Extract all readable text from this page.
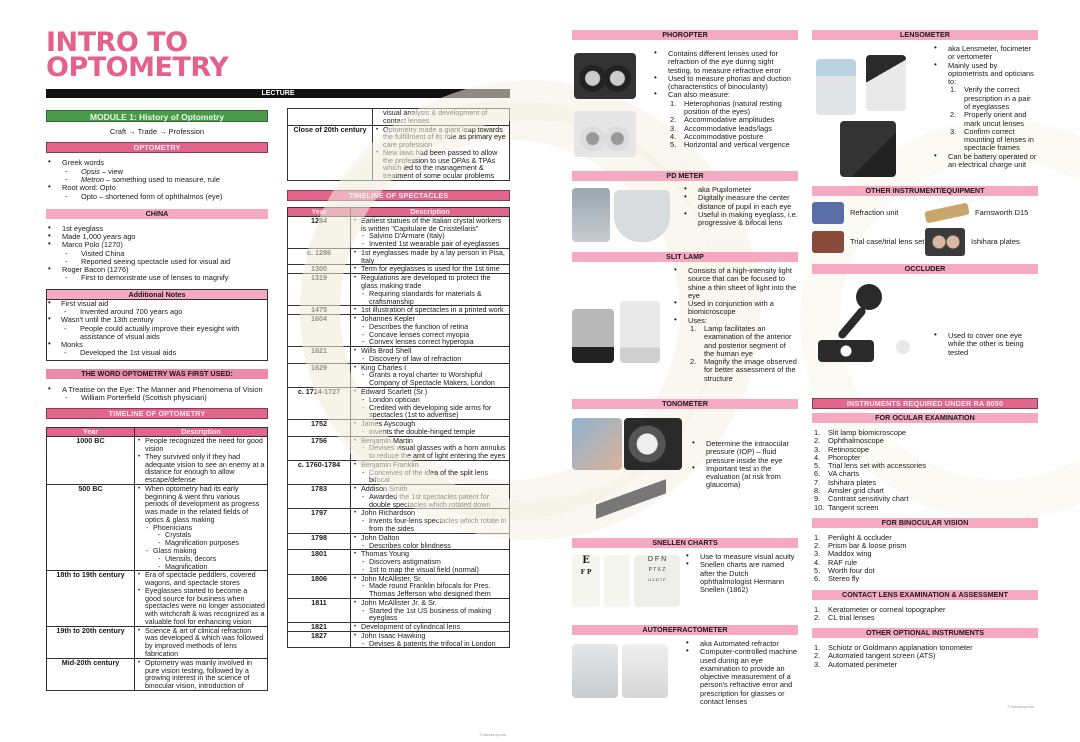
INTRO TO
OPTOMETRY
LECTURE
MODULE 1: History of Optometry
Craft → Trade → Profession
OPTOMETRY
• Greek words
- Opsis – view
- Metron – something used to measure, rule
• Root word: Opto
- Opto – shortened form of ophthalmos (eye)
CHINA
• 1st eyeglass
• Made 1,000 years ago
• Marco Polo (1270)
- Visited China
- Reported seeing spectacle used for visual aid
• Roger Bacon (1276)
- First to demonstrate use of lenses to magnify
Additional Notes
• First visual aid
- Invented around 700 years ago
• Wasn't until the 13th century
- People could actually improve their eyesight with assistance of visual aids
• Monks
- Developed the 1st visual aids
THE WORD OPTOMETRY WAS FIRST USED:
• A Treatise on the Eye: The Manner and Phenomena of Vision
- William Porterfield (Scottish physician)
TIMELINE OF OPTOMETRY
Year	Description
1000 BC	
•People recognized the need for good vision
• They survived only if they had adequate vision to see an enemy at a distance for enough to allow escape/defense

500 BC	
•When optometry had its early beginning & went thru various periods of development as progress was made in the related fields of optics & glass making
- Phoenicians
- Crystals
- Magnification purposes
- Glass making
- Utensils, decors
- Magnification

18th to 19th century	
•Era of spectacle peddlers, covered wagons, and spectacle stores
• Eyeglasses started to become a good source for business when spectacles were no longer associated with witchcraft & was recognized as a valuable fool for enhancing vision

19th to 20th century	
•Science & art of clinical refraction was developed & which was followed by improved methods of lens fabrication

Mid-20th century	
•Optometry was mainly involved in pure vision testing, followed by a growing interest in the science of binocular vision, introduction of
	visual analysis & development of contact lenses
Close of 20th century	
•Optometry made a giant leap towards the fulfillment of its role as primary eye care profession
• New laws had been passed to allow the profession to use DPAs & TPAs which led to the management & treatment of some ocular problems
TIMELINE OF SPECTACLES
Year	Description
1284	
•Earliest statues of the Italian crystal workers is written "Capitulare de Crisstellaris"
- Salvino D'Armare (Italy)
- Invented 1st wearable pair of eyeglasses

c. 1286	
•1st eyeglasses made by a lay person in Pisa, Italy

1300	
•Term for eyeglasses is used for the 1st time

1319	
•Regulations are developed to protect the glass making trade
- Requiring standards for materials & craftsmanship

1475	
•1st illustration of spectacles in a printed work

1604	
•Johannes Kepler
- Describes the function of retina
- Concave lenses correct myopia
- Convex lenses correct hyperopia

1621	
•Wills Brod Shell
- Discovery of law of refraction

1629	
•King Charles I
- Grants a royal charter to Worshipful Company of Spectacle Makers, London

c. 1714-1727	
•Edward Scarlett (Sr.)
- London optician
- Credited with developing side arms for spectacles (1st to advertise)

1752	
•James Ayscough
- Invents the double-hinged temple

1756	
•Benjamin Martin
- Devises visual glasses with a horn annulus to reduce the amt of light entering the eyes

c. 1760-1784	
•Benjamin Franklin
- Conceives of the idea of the split lens bifocal

1783	
•Addison Smith
- Awarded the 1st spectacles patent for double spectacles which rotated down

1797	
•John Richardson
- Invents four-lens spectacles which rotate in from the sides

1798	
•John Dalton
- Describes color blindness

1801	
•Thomas Young
- Discovers astigmatism
- 1st to map the visual field (normal)

1806	
•John McAllister, Sr.
- Made round Franklin bifocals for Pres. Thomas Jefferson who designed them

1811	
•John McAllister Jr. & Sr.
- Started the 1st US business of making eyeglass

1821	
•Development of cylindrical lens

1827	
•John Isaac Hawking
- Devises & patents the trifocal in London
© transes by bea
PHOROPTER
• Contains different lenses used for refraction of the eye during sight testing, to measure refractive error
• Used to measure phorias and duction (characteristics of binocularity)
• Can also measure:
1. Heterophorias (natural resting position of the eyes)
2. Accommodative amplitudes
3. Accommodative leads/lags
4. Accommodative posture
5. Horizontal and vertical vergence
PD METER
• aka Pupilometer
• Digitally measure the center distance of pupil in each eye
• Useful in making eyeglass, i.e. progressive & bifocal lens
SLIT LAMP
• Consists of a high-intensity light source that can be focused to shine a thin sheet of light into the eye
• Used in conjunction with a biomicroscope
• Uses:
1. Lamp facilitates an examination of the anterior and posterior segment of the human eye
2. Magnify the image observed for better assessment of the structure
TONOMETER
• Determine the intraocular pressure (IOP) – fluid pressure inside the eye
• Important test in the evaluation (at risk from glaucoma)
SNELLEN CHARTS
E
F P
D F N
P T X Z
U Z D T F
• Use to measure visual acuity
• Snellen charts are named after the Dutch ophthalmologist Hermann Snellen (1862)
AUTOREFRACTOMETER
• aka Automated refractor
• Computer-controlled machine used during an eye examination to provide an objective measurement of a person's refractive error and prescription for glasses or contact lenses
LENSOMETER
• aka Lensmeter, focimeter or vertometer
• Mainly used by optometrists and opticians to:
1. Verify the correct prescription in a pair of eyeglasses
2. Properly orient and mark uncut lenses
3. Confirm correct mounting of lenses in spectacle frames
• Can be battery operated or an electrical charge unit
OTHER INSTRUMENT/EQUIPMENT
Refraction unit	Farnsworth D15
Trial case/trial lens set	Ishihara plates
OCCLUDER
• Used to cover one eye while the other is being tested
INSTRUMENTS REQUIRED UNDER RA 8050
FOR OCULAR EXAMINATION
1. Slit lamp biomicroscope
2. Ophthalmoscope
3. Retinoscope
4. Phoropter
5. Trial lens set with accessories
6. VA charts
7. Ishihara plates
8. Amsler grid chart
9. Contrast sensitivity chart
10. Tangent screen
FOR BINOCULAR VISION
1. Penlight & occluder
2. Prism bar & loose prism
3. Maddox wing
4. RAF rule
5. Worth four dot
6. Stereo fly
CONTACT LENS EXAMINATION & ASSESSMENT
1. Keratometer or corneal topographer
2. CL trial lenses
OTHER OPTIONAL INSTRUMENTS
1. Schiotz or Goldmann applanation tonometer
2. Automated tangent screen (ATS)
3. Automated perimeter
© transes by bea
